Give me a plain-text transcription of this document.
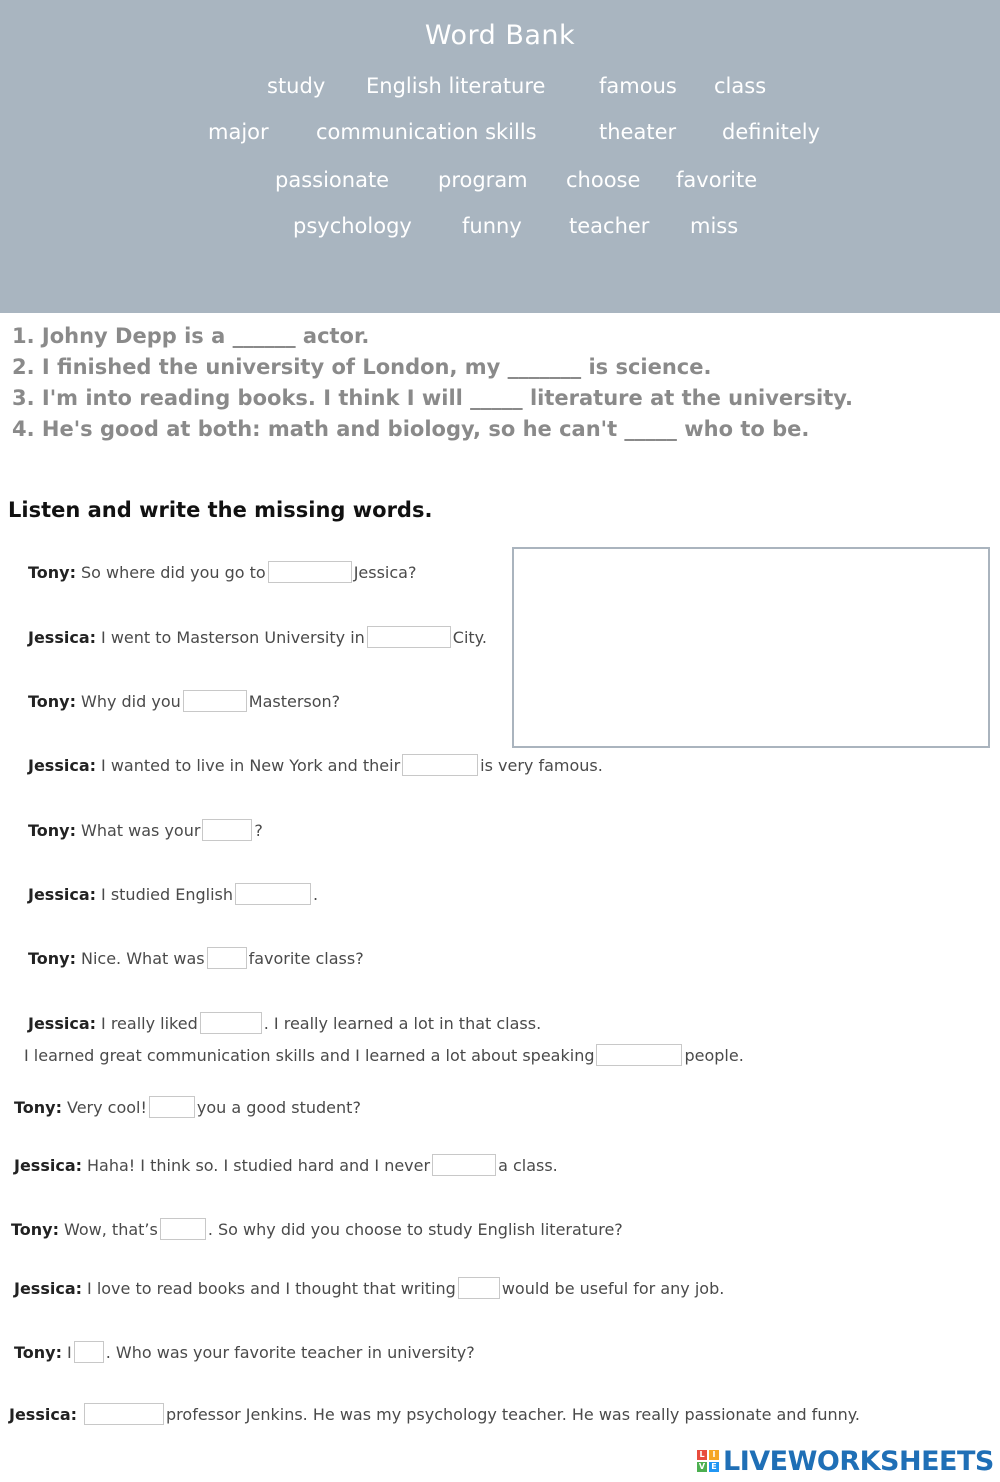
Word Bank
study English literature	famous class
major communication skills	theater definitely
passionate program choose favorite
psychology funny teacher miss
1. Johny Depp is a ______ actor.
2. I finished the university of London, my _______ is science.
3. I'm into reading books. I think I will _____ literature at the university.
4. He's good at both: math and biology, so he can't _____ who to be.
Listen and write the missing words.
Tony: So where did you go to	Jessica?
Jessica: I went to Masterson University in	City.
Tony: Why did you	Masterson?
Jessica: I wanted to live in New York and their	is very famous.
Tony: What was your	?
Jessica: I studied English	.
Tony: Nice. What was	favorite class?
Jessica: I really liked	. I really learned a lot in that class.
I learned great communication skills and I learned a lot about speaking	people.
Tony: Very cool!	you a good student?
Jessica: Haha! I think so. I studied hard and I never	a class.
Tony: Wow, that’s	. So why did you choose to study English literature?
Jessica: I love to read books and I thought that writing	would be useful for any job.
Tony: I . Who was your favorite teacher in university?
Jessica:	professor Jenkins. He was my psychology teacher. He was really passionate and funny.
L I
V E LIVEWORKSHEETS
